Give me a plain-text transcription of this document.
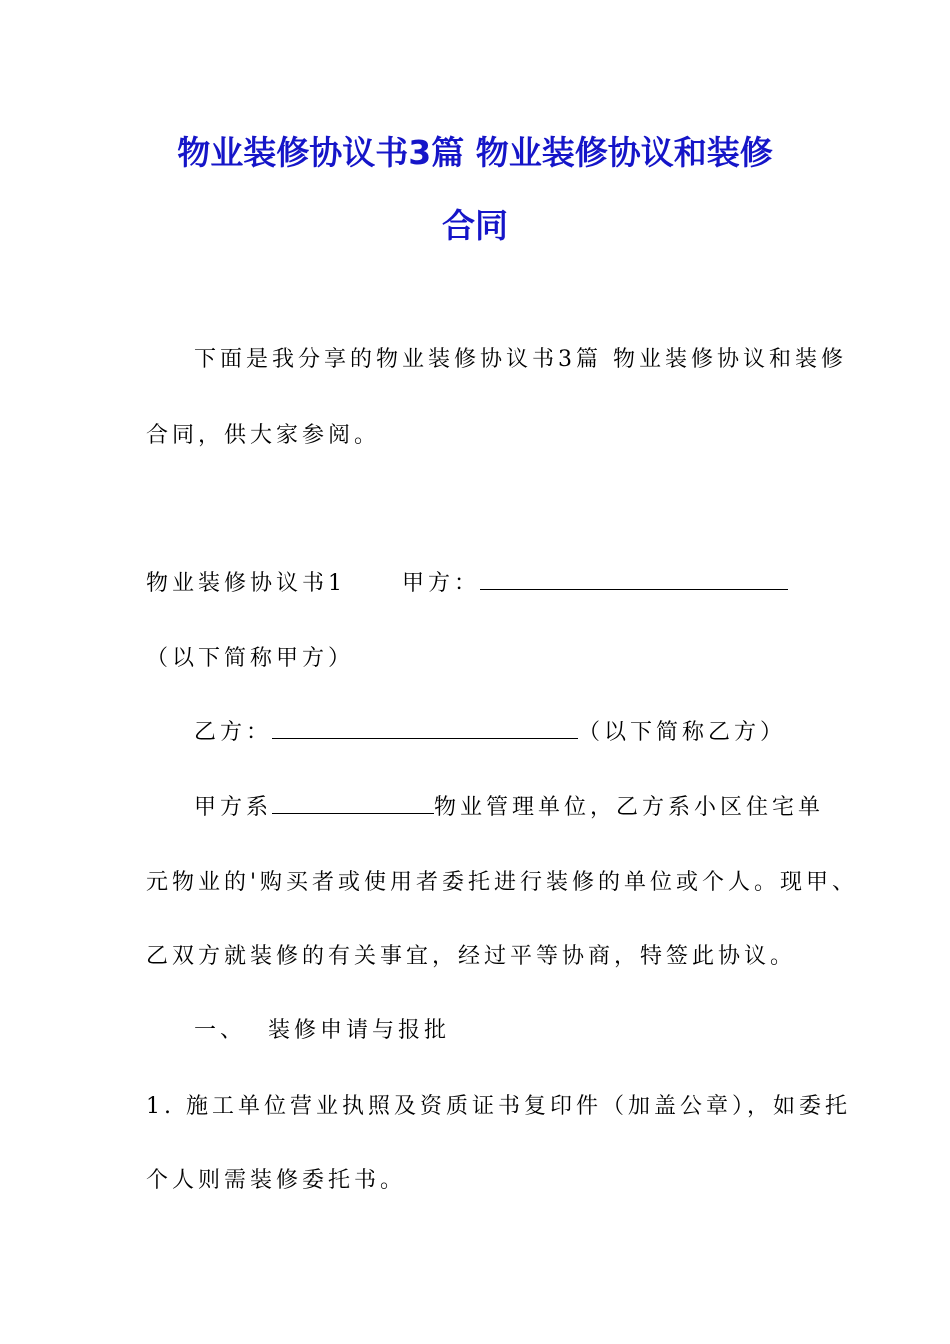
物业装修协议书3篇 物业装修协议和装修
合同
下面是我分享的物业装修协议书3篇 物业装修协议和装修
合同，供大家参阅。
物业装修协议书1	甲方：
（以下简称甲方）
乙方：	（以下简称乙方）
甲方系	物业管理单位，乙方系小区住宅单
元物业的'购买者或使用者委托进行装修的单位或个人。现甲、
乙双方就装修的有关事宜，经过平等协商，特签此协议。
一、  装修申请与报批
1. 施工单位营业执照及资质证书复印件（加盖公章），如委托
个人则需装修委托书。
